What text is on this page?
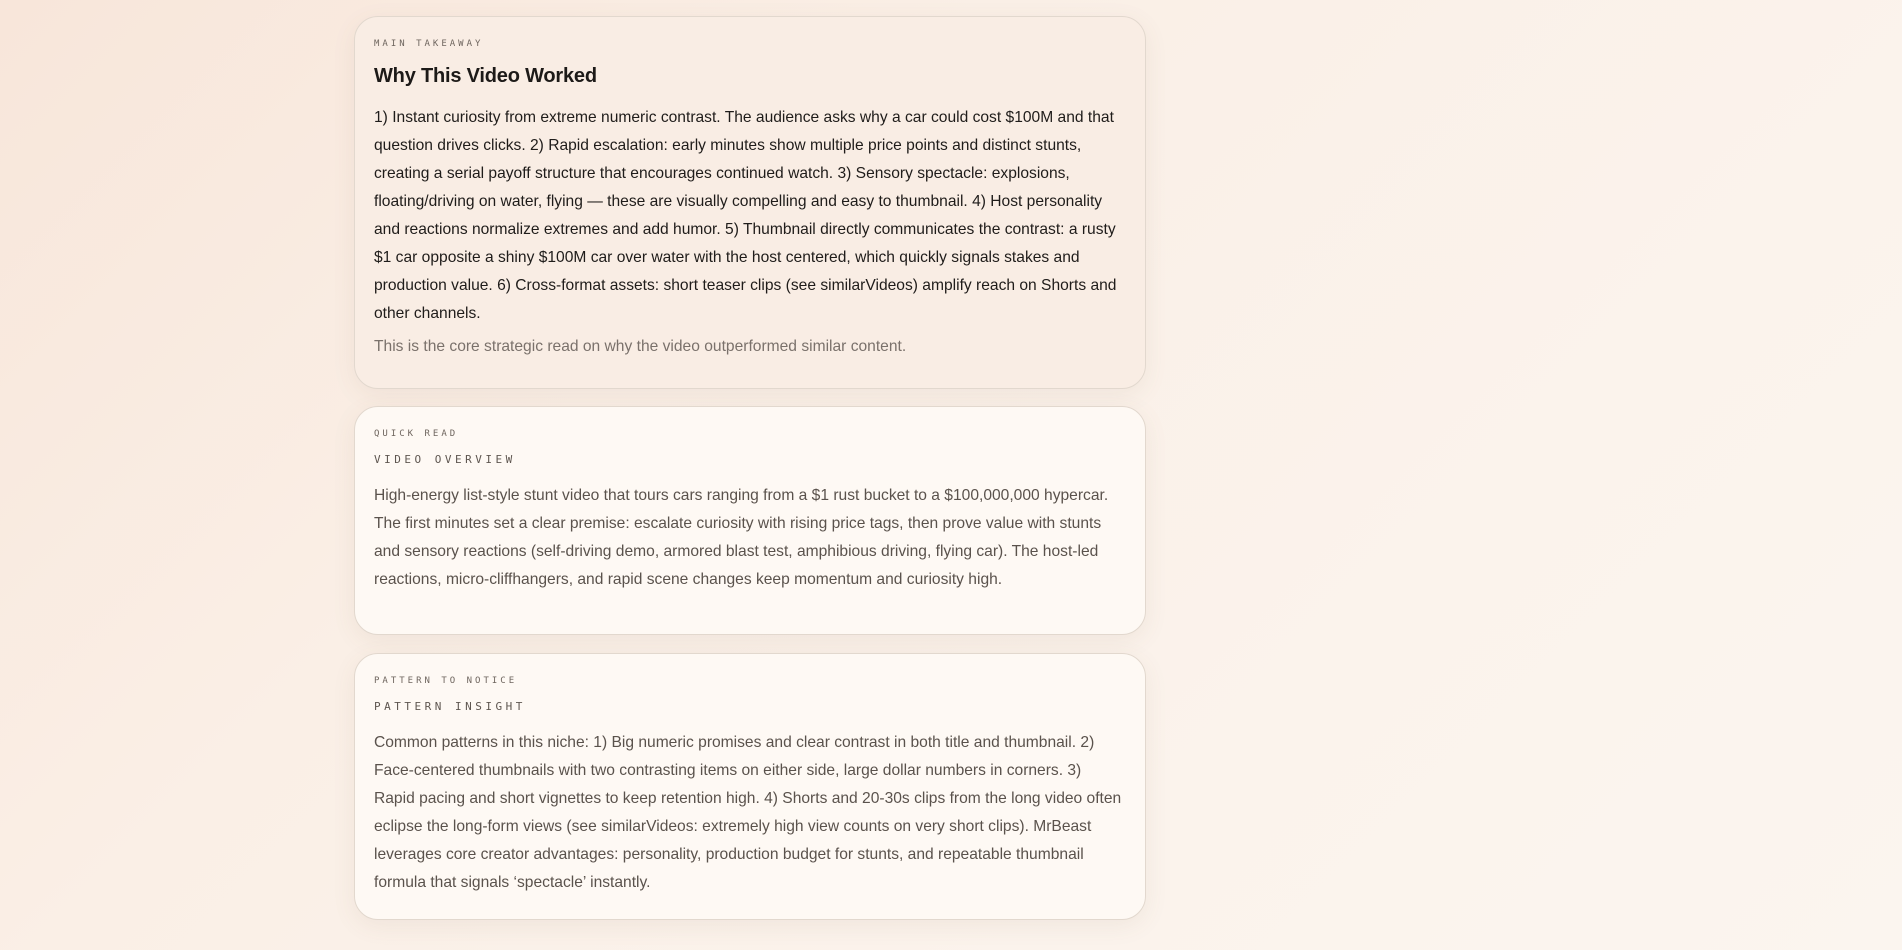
MAIN TAKEAWAY
Why This Video Worked
1) Instant curiosity from extreme numeric contrast. The audience asks why a car could cost $100M and that question drives clicks. 2) Rapid escalation: early minutes show multiple price points and distinct stunts, creating a serial payoff structure that encourages continued watch. 3) Sensory spectacle: explosions, floating/driving on water, flying — these are visually compelling and easy to thumbnail. 4) Host personality and reactions normalize extremes and add humor. 5) Thumbnail directly communicates the contrast: a rusty $1 car opposite a shiny $100M car over water with the host centered, which quickly signals stakes and production value. 6) Cross-format assets: short teaser clips (see similarVideos) amplify reach on Shorts and other channels.
This is the core strategic read on why the video outperformed similar content.
QUICK READ
VIDEO OVERVIEW
High-energy list-style stunt video that tours cars ranging from a $1 rust bucket to a $100,000,000 hypercar. The first minutes set a clear premise: escalate curiosity with rising price tags, then prove value with stunts and sensory reactions (self-driving demo, armored blast test, amphibious driving, flying car). The host-led reactions, micro-cliffhangers, and rapid scene changes keep momentum and curiosity high.
PATTERN TO NOTICE
PATTERN INSIGHT
Common patterns in this niche: 1) Big numeric promises and clear contrast in both title and thumbnail. 2) Face-centered thumbnails with two contrasting items on either side, large dollar numbers in corners. 3) Rapid pacing and short vignettes to keep retention high. 4) Shorts and 20-30s clips from the long video often eclipse the long-form views (see similarVideos: extremely high view counts on very short clips). MrBeast leverages core creator advantages: personality, production budget for stunts, and repeatable thumbnail formula that signals ‘spectacle’ instantly.
